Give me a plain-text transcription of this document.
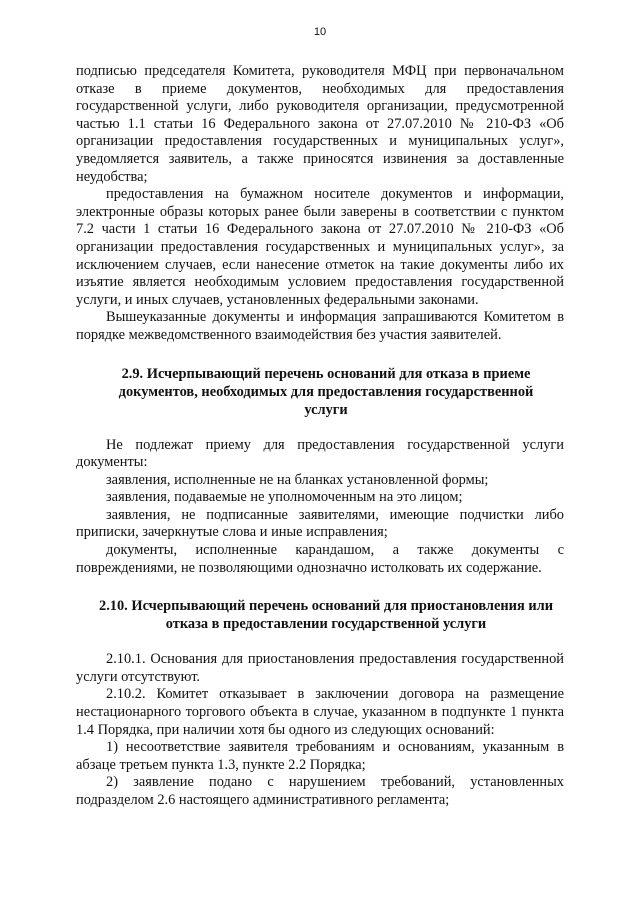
10

подписью председателя Комитета, руководителя МФЦ при первоначальном отказе в приеме документов, необходимых для предоставления государственной услуги, либо руководителя организации, предусмотренной частью 1.1 статьи 16 Федерального закона от 27.07.2010 № 210-ФЗ «Об организации предоставления государственных и муниципальных услуг», уведомляется заявитель, а также приносятся извинения за доставленные неудобства;

предоставления на бумажном носителе документов и информации, электронные образы которых ранее были заверены в соответствии с пунктом 7.2 части 1 статьи 16 Федерального закона от 27.07.2010 № 210-ФЗ «Об организации предоставления государственных и муниципальных услуг», за исключением случаев, если нанесение отметок на такие документы либо их изъятие является необходимым условием предоставления государственной услуги, и иных случаев, установленных федеральными законами.

Вышеуказанные документы и информация запрашиваются Комитетом в порядке межведомственного взаимодействия без участия заявителей.

2.9. Исчерпывающий перечень оснований для отказа в приеме документов, необходимых для предоставления государственной услуги

Не подлежат приему для предоставления государственной услуги документы:

заявления, исполненные не на бланках установленной формы;

заявления, подаваемые не уполномоченным на это лицом;

заявления, не подписанные заявителями, имеющие подчистки либо приписки, зачеркнутые слова и иные исправления;

документы, исполненные карандашом, а также документы с повреждениями, не позволяющими однозначно истолковать их содержание.

2.10. Исчерпывающий перечень оснований для приостановления или отказа в предоставлении государственной услуги

2.10.1. Основания для приостановления предоставления государственной услуги отсутствуют.

2.10.2. Комитет отказывает в заключении договора на размещение нестационарного торгового объекта в случае, указанном в подпункте 1 пункта 1.4 Порядка, при наличии хотя бы одного из следующих оснований:

1) несоответствие заявителя требованиям и основаниям, указанным в абзаце третьем пункта 1.3, пункте 2.2 Порядка;

2) заявление подано с нарушением требований, установленных подразделом 2.6 настоящего административного регламента;
